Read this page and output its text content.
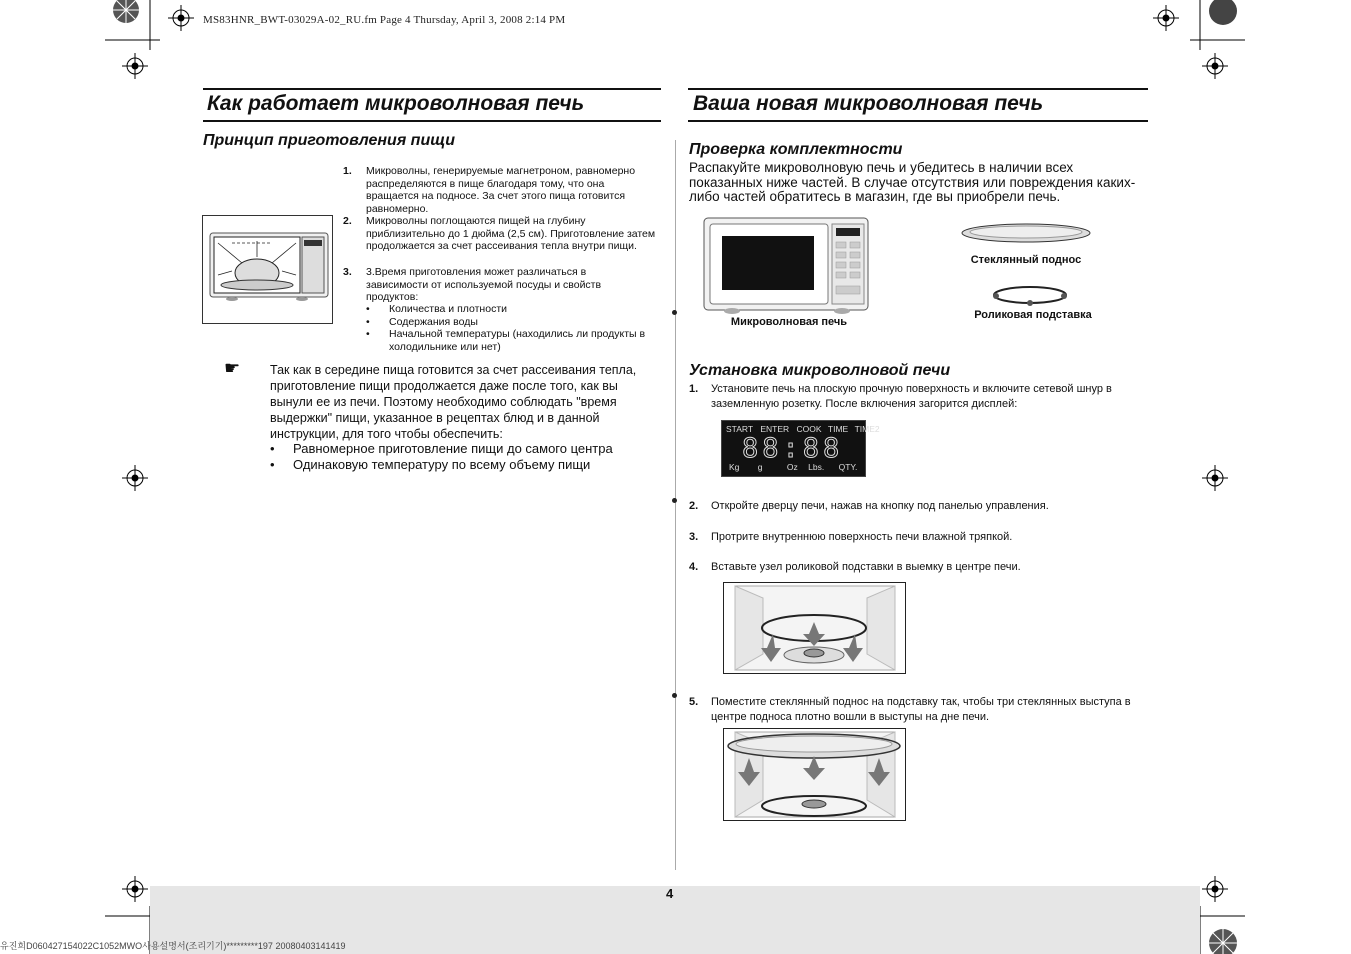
MS83HNR_BWT-03029A-02_RU.fm Page 4 Thursday, April 3, 2008 2:14 PM
4
유진희D060427154022C1052MWO사용설명서(조리기기)*********197 20080403141419
Как работает микроволновая печь
Принцип приготовления пищи
1. Микроволны, генерируемые магнетроном, равномерно распределяются в пище благодаря тому, что она вращается на подносе. За счет этого пища готовится равномерно.
2. Микроволны поглощаются пищей на глубину приблизительно до 1 дюйма (2,5 см). Приготовление затем продолжается за счет рассеивания тепла внутри пищи.
3. 3.Время приготовления может различаться в зависимости от используемой посуды и свойств продуктов:
• Количества и плотности
• Содержания воды
• Начальной температуры (находились ли продукты в холодильнике или нет)
☛ Так как в середине пища готовится за счет рассеивания тепла, приготовление пищи продолжается даже после того, как вы вынули ее из печи. Поэтому необходимо соблюдать "время выдержки" пищи, указанное в рецептах блюд и в данной инструкции, для того чтобы обеспечить:
• Равномерное приготовление пищи до самого центра
• Одинаковую температуру по всему объему пищи
Ваша новая микроволновая печь
Проверка комплектности
Распакуйте микроволновую печь и убедитесь в наличии всех показанных ниже частей. В случае отсутствия или повреждения каких-либо частей обратитесь в магазин, где вы приобрели печь.
Микроволновая печь
Стеклянный поднос
Роликовая подставка
Установка микроволновой печи
1. Установите печь на плоскую прочную поверхность и включите сетевой шнур в заземленную розетку. После включения загорится дисплей:
START ENTER COOK TIME TIME2
88:88
Kg g	Oz Lbs. QTY.
2. Откройте дверцу печи, нажав на кнопку под панелью управления.
3. Протрите внутреннюю поверхность печи влажной тряпкой.
4. Вставьте узел роликовой подставки в выемку в центре печи.
5. Поместите стеклянный поднос на подставку так, чтобы три стеклянных выступа в центре подноса плотно вошли в выступы на дне печи.
